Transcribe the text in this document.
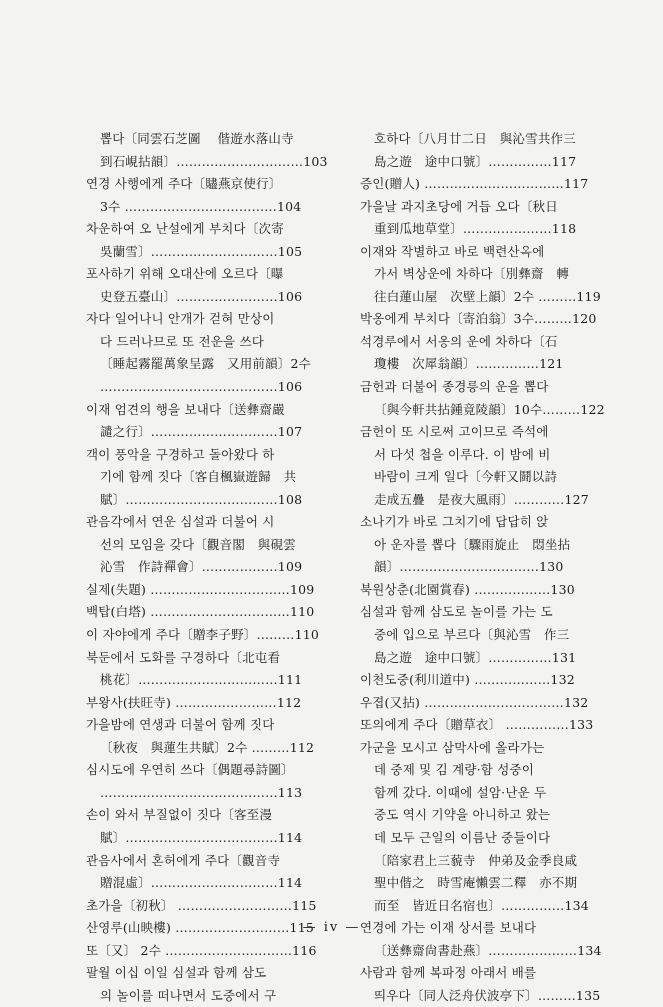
뽑다〔同雲石芝圖　 偕遊水落山寺
到石峴拈韻〕…………………………103
연경 사행에게 주다〔贐燕京使行〕
3수 ………………………………104
차운하여 오 난설에게 부치다〔次寄
吳蘭雪〕…………………………105
포사하기 위해 오대산에 오르다〔曝
史登五臺山〕……………………106
자다 일어나니 안개가 걷혀 만상이
다 드러나므로 또 전운을 쓰다
〔睡起霧罷萬象呈露　又用前韻〕2수
……………………………………106
이재 엄견의 행을 보내다〔送彝齋嚴
譴之行〕…………………………107
객이 풍악을 구경하고 돌아왔다 하
기에 함께 짓다〔客自楓嶽遊歸　共
賦〕………………………………108
관음각에서 연운 심설과 더불어 시
선의 모임을 갖다〔觀音閣　與硯雲
沁雪　作詩禪會〕………………109
실제(失題) ……………………………109
백탑(白塔) ……………………………110
이 자야에게 주다〔贈李子野〕………110
북둔에서 도화를 구경하다〔北屯看
桃花〕……………………………111
부왕사(扶旺寺) ……………………112
가을밤에 연생과 더불어 함께 짓다
〔秋夜　與蓮生共賦〕2수 ………112
심시도에 우연히 쓰다〔偶題尋詩圖〕
……………………………………113
손이 와서 부질없이 짓다〔客至漫
賦〕………………………………114
관음사에서 혼허에게 주다〔觀音寺
贈混虛〕…………………………114
초가을〔初秋〕 ………………………115
산영루(山映樓) ………………………115
또〔又〕 2수 …………………………116
팔월 이십 이일 심설과 함께 삼도
의 놀이를 떠나면서 도중에서 구
호하다〔八月廿二日　與沁雪共作三
島之遊　途中口號〕……………117
증인(贈人) ……………………………117
가을날 과지초당에 거듭 오다〔秋日
重到瓜地草堂〕…………………118
이재와 작별하고 바로 백련산옥에
가서 벽상운에 차하다〔別彝齋　轉
往白蓮山屋　次壁上韻〕2수 ………119
박옹에게 부치다〔寄泊翁〕3수………120
석경루에서 서옹의 운에 차하다〔石
瓊樓　次犀翁韻〕……………121
금헌과 더불어 종경릉의 운을 뽑다
〔與今軒共拈鍾竟陵韻〕10수………122
금헌이 또 시로써 고이므로 즉석에
서 다섯 첩을 이루다. 이 밤에 비
바람이 크게 일다〔今軒又鬪以詩
走成五疊　是夜大風雨〕…………127
소나기가 바로 그치기에 답답히 앉
아 운자를 뽑다〔驟雨旋止　悶坐拈
韻〕……………………………130
북원상춘(北園賞春) ………………130
심설과 함께 삼도로 놀이를 가는 도
중에 입으로 부르다〔與沁雪　作三
島之遊　途中口號〕……………131
이천도중(利川道中) ………………132
우졉(又拈) ……………………………132
또의에게 주다〔贈草衣〕 ……………133
가군을 모시고 삼막사에 올라가는
데 중제 및 김 계량·함 성중이
함께 갔다. 이때에 설암·난운 두
중도 역시 기약을 아니하고 왔는
데 모두 근일의 이름난 중들이다
〔陪家君上三藐寺　仲弟及金季良咸
聖中偕之　時雪庵懶雲二釋　亦不期
而至　皆近日名宿也〕……………134
연경에 가는 이재 상서를 보내다
〔送彝齋尙書赴燕〕…………………134
사람과 함께 복파정 아래서 배를
띄우다〔同人泛舟伏波亭下〕………135
— iv —
